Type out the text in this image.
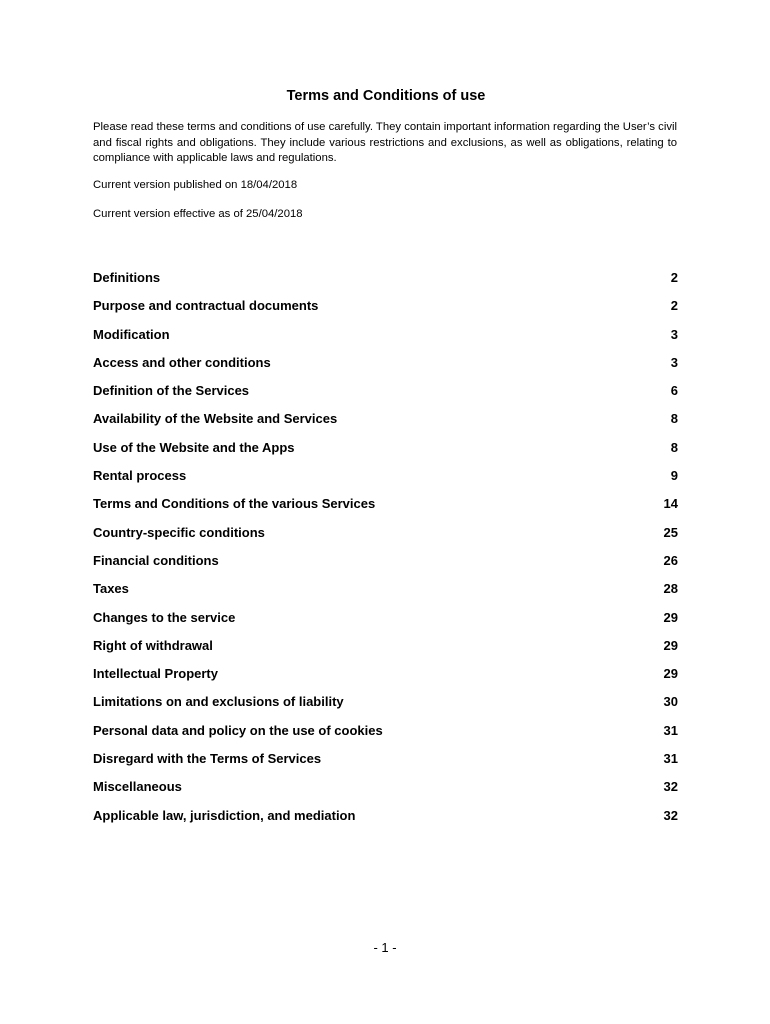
Terms and Conditions of use

Please read these terms and conditions of use carefully. They contain important information regarding the User’s civil and fiscal rights and obligations. They include various restrictions and exclusions, as well as obligations, relating to compliance with applicable laws and regulations.

Current version published on 18/04/2018

Current version effective as of 25/04/2018

Definitions	2
Purpose and contractual documents	2
Modification	3
Access and other conditions	3
Definition of the Services	6
Availability of the Website and Services	8
Use of the Website and the Apps	8
Rental process	9
Terms and Conditions of the various Services	14
Country-specific conditions	25
Financial conditions	26
Taxes	28
Changes to the service	29
Right of withdrawal	29
Intellectual Property	29
Limitations on and exclusions of liability	30
Personal data and policy on the use of cookies	31
Disregard with the Terms of Services	31
Miscellaneous	32
Applicable law, jurisdiction, and mediation	32

- 1 -
